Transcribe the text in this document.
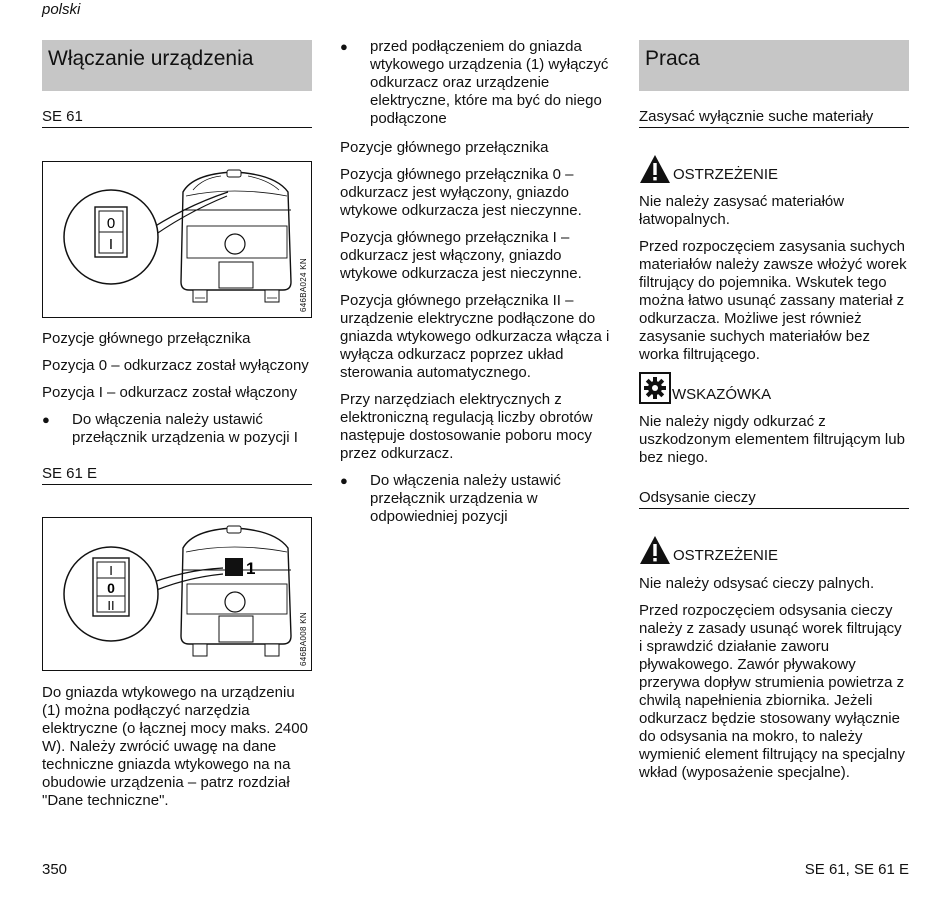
polski
Włączanie urządzenia
SE 61
0
I
646BA024 KN

Pozycje głównego przełącznika

Pozycja 0 – odkurzacz został wyłączony

Pozycja I – odkurzacz został włączony

●	Do włączenia należy ustawić przełącznik urządzenia w pozycji I
SE 61 E
1
I
0
II
646BA008 KN

Do gniazda wtykowego na urządzeniu (1) można podłączyć narzędzia elektryczne (o łącznej mocy maks. 2400 W). Należy zwrócić uwagę na dane techniczne gniazda wtykowego na na obudowie urządzenia – patrz rozdział "Dane techniczne".

●	przed podłączeniem do gniazda wtykowego urządzenia (1) wyłączyć odkurzacz oraz urządzenie elektryczne, które ma być do niego podłączone

Pozycje głównego przełącznika

Pozycja głównego przełącznika 0 – odkurzacz jest wyłączony, gniazdo wtykowe odkurzacza jest nieczynne.

Pozycja głównego przełącznika I – odkurzacz jest włączony, gniazdo wtykowe odkurzacza jest nieczynne.

Pozycja głównego przełącznika II – urządzenie elektryczne podłączone do gniazda wtykowego odkurzacza włącza i wyłącza odkurzacz poprzez układ sterowania automatycznego.

Przy narzędziach elektrycznych z elektroniczną regulacją liczby obrotów następuje dostosowanie poboru mocy przez odkurzacz.

●	Do włączenia należy ustawić przełącznik urządzenia w odpowiedniej pozycji
Praca
Zasysać wyłącznie suche materiały
OSTRZEŻENIE

Nie należy zasysać materiałów łatwopalnych.

Przed rozpoczęciem zasysania suchych materiałów należy zawsze włożyć worek filtrujący do pojemnika. Wskutek tego można łatwo usunąć zassany materiał z odkurzacza. Możliwe jest również zasysanie suchych materiałów bez worka filtrującego.

WSKAZÓWKA

Nie należy nigdy odkurzać z uszkodzonym elementem filtrującym lub bez niego.

Odsysanie cieczy
OSTRZEŻENIE

Nie należy odsysać cieczy palnych.

Przed rozpoczęciem odsysania cieczy należy z zasady usunąć worek filtrujący i sprawdzić działanie zaworu pływakowego. Zawór pływakowy przerywa dopływ strumienia powietrza z chwilą napełnienia zbiornika. Jeżeli odkurzacz będzie stosowany wyłącznie do odsysania na mokro, to należy wymienić element filtrujący na specjalny wkład (wyposażenie specjalne).

350	SE 61, SE 61 E
